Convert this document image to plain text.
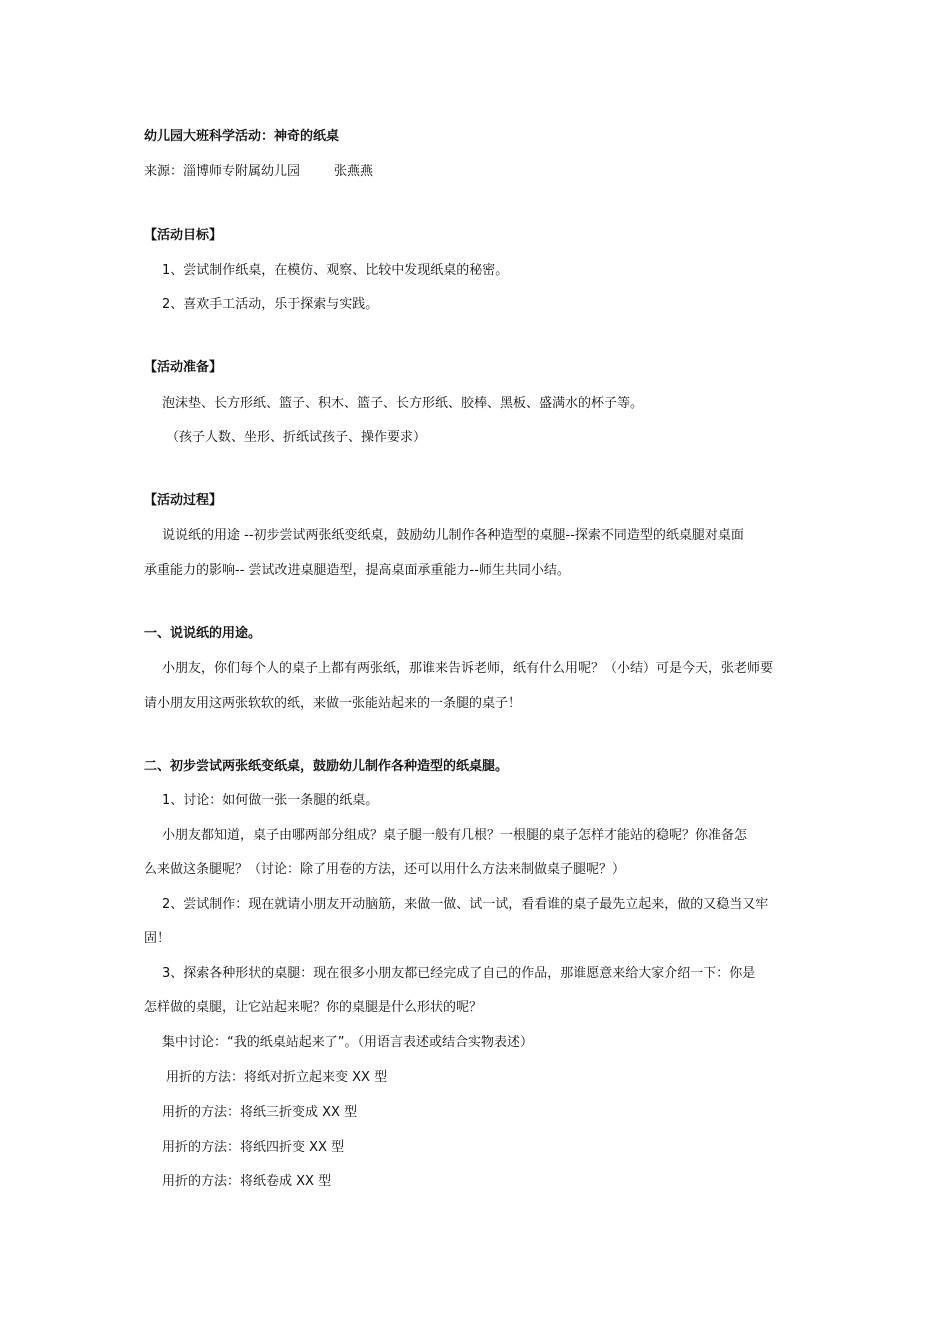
幼儿园大班科学活动：神奇的纸桌
来源：淄博师专附属幼儿园	张燕燕
【活动目标】
1、尝试制作纸桌，在模仿、观察、比较中发现纸桌的秘密。
2、喜欢手工活动，乐于探索与实践。
【活动准备】
泡沫垫、长方形纸、篮子、积木、篮子、长方形纸、胶棒、黑板、盛满水的杯子等。
（孩子人数、坐形、折纸试孩子、操作要求）
【活动过程】
说说纸的用途 --初步尝试两张纸变纸桌，鼓励幼儿制作各种造型的桌腿--探索不同造型的纸桌腿对桌面
承重能力的影响-- 尝试改进桌腿造型，提高桌面承重能力--师生共同小结。
一、说说纸的用途。
小朋友，你们每个人的桌子上都有两张纸，那谁来告诉老师，纸有什么用呢？（小结）可是今天，张老师要
请小朋友用这两张软软的纸，来做一张能站起来的一条腿的桌子！
二、初步尝试两张纸变纸桌，鼓励幼儿制作各种造型的纸桌腿。
1、讨论：如何做一张一条腿的纸桌。
小朋友都知道，桌子由哪两部分组成？桌子腿一般有几根？一根腿的桌子怎样才能站的稳呢？你准备怎
么来做这条腿呢？（讨论：除了用卷的方法，还可以用什么方法来制做桌子腿呢？）
2、尝试制作：现在就请小朋友开动脑筋，来做一做、试一试，看看谁的桌子最先立起来，做的又稳当又牢
固！
3、探索各种形状的桌腿：现在很多小朋友都已经完成了自己的作品，那谁愿意来给大家介绍一下：你是
怎样做的桌腿，让它站起来呢？你的桌腿是什么形状的呢？
集中讨论：“我的纸桌站起来了”。（用语言表述或结合实物表述）
用折的方法：将纸对折立起来变 XX 型
用折的方法：将纸三折变成 XX 型
用折的方法：将纸四折变 XX 型
用折的方法：将纸卷成 XX 型
